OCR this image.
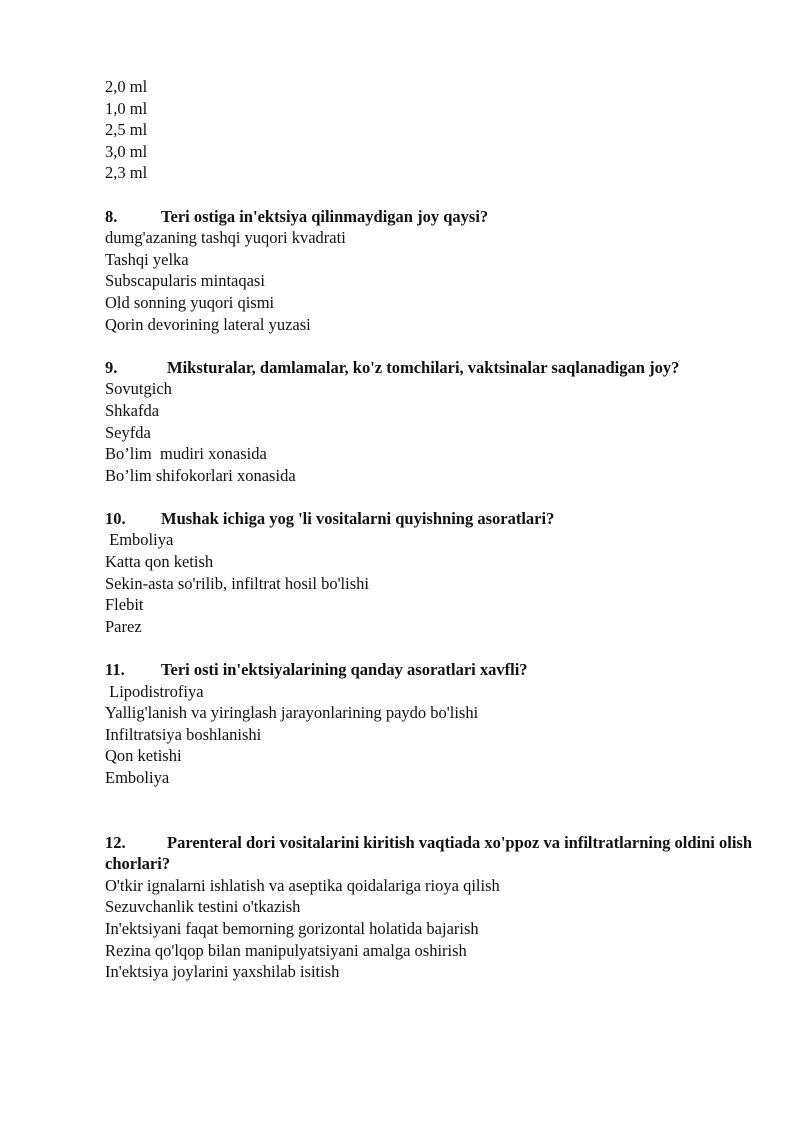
2,0 ml
1,0 ml
2,5 ml
3,0 ml
2,3 ml
8.	Teri ostiga in'ektsiya qilinmaydigan joy qaysi?
dumg'azaning tashqi yuqori kvadrati
Tashqi yelka
Subscapularis mintaqasi
Old sonning yuqori qismi
Qorin devorining lateral yuzasi
9.	Miksturalar, damlamalar, ko'z tomchilari, vaktsinalar saqlanadigan joy?
Sovutgich
Shkafda
Seyfda
Bo’lim  mudiri xonasida
Bo’lim shifokorlari xonasida
10. Mushak ichiga yog 'li vositalarni quyishning asoratlari?
Emboliya
Katta qon ketish
Sekin-asta so'rilib, infiltrat hosil bo'lishi
Flebit
Parez
11. Teri osti in'ektsiyalarining qanday asoratlari xavfli?
Lipodistrofiya
Yallig'lanish va yiringlash jarayonlarining paydo bo'lishi
Infiltratsiya boshlanishi
Qon ketishi
Emboliya
12.	Parenteral dori vositalarini kiritish vaqtiada xo'ppoz va infiltratlarning oldini olish chorlari?
O'tkir ignalarni ishlatish va aseptika qoidalariga rioya qilish
Sezuvchanlik testini o'tkazish
In'ektsiyani faqat bemorning gorizontal holatida bajarish
Rezina qo'lqop bilan manipulyatsiyani amalga oshirish
In'ektsiya joylarini yaxshilab isitish
